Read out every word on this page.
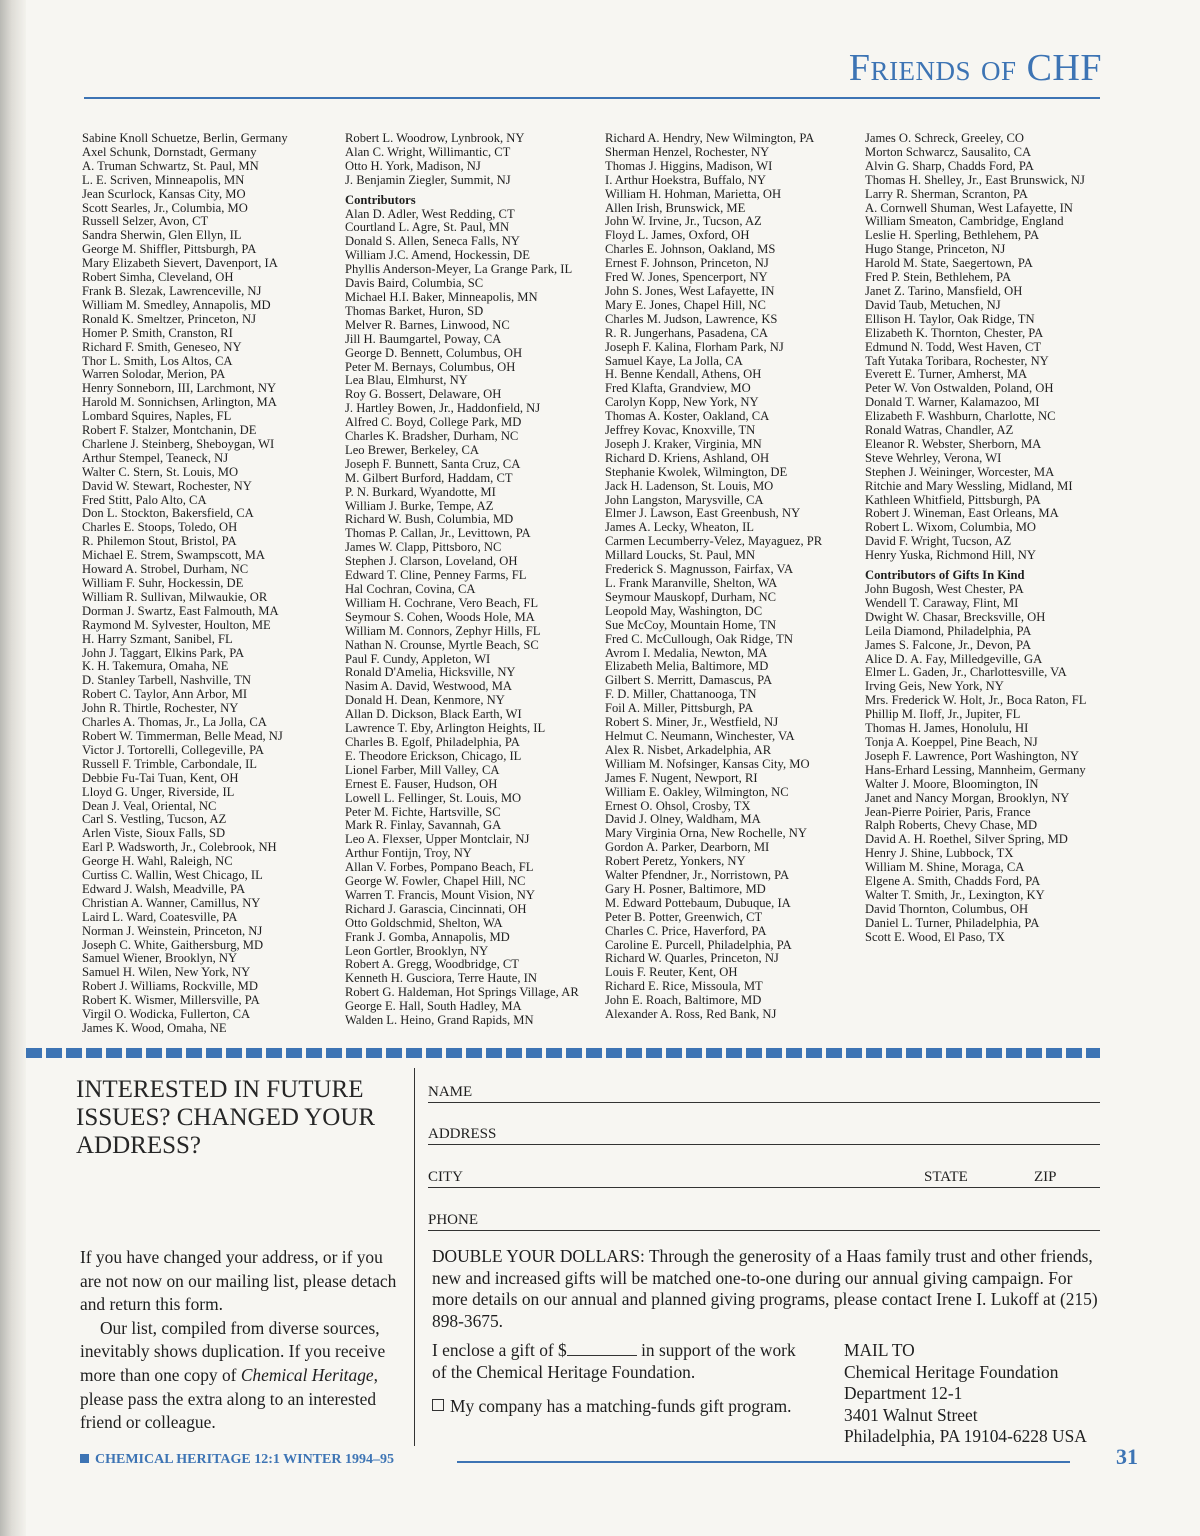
Friends of CHF
Sabine Knoll Schuetze, Berlin, Germany
Axel Schunk, Dornstadt, Germany
A. Truman Schwartz, St. Paul, MN
L. E. Scriven, Minneapolis, MN
Jean Scurlock, Kansas City, MO
Scott Searles, Jr., Columbia, MO
Russell Selzer, Avon, CT
Sandra Sherwin, Glen Ellyn, IL
George M. Shiffler, Pittsburgh, PA
Mary Elizabeth Sievert, Davenport, IA
Robert Simha, Cleveland, OH
Frank B. Slezak, Lawrenceville, NJ
William M. Smedley, Annapolis, MD
Ronald K. Smeltzer, Princeton, NJ
Homer P. Smith, Cranston, RI
Richard F. Smith, Geneseo, NY
Thor L. Smith, Los Altos, CA
Warren Solodar, Merion, PA
Henry Sonneborn, III, Larchmont, NY
Harold M. Sonnichsen, Arlington, MA
Lombard Squires, Naples, FL
Robert F. Stalzer, Montchanin, DE
Charlene J. Steinberg, Sheboygan, WI
Arthur Stempel, Teaneck, NJ
Walter C. Stern, St. Louis, MO
David W. Stewart, Rochester, NY
Fred Stitt, Palo Alto, CA
Don L. Stockton, Bakersfield, CA
Charles E. Stoops, Toledo, OH
R. Philemon Stout, Bristol, PA
Michael E. Strem, Swampscott, MA
Howard A. Strobel, Durham, NC
William F. Suhr, Hockessin, DE
William R. Sullivan, Milwaukie, OR
Dorman J. Swartz, East Falmouth, MA
Raymond M. Sylvester, Houlton, ME
H. Harry Szmant, Sanibel, FL
John J. Taggart, Elkins Park, PA
K. H. Takemura, Omaha, NE
D. Stanley Tarbell, Nashville, TN
Robert C. Taylor, Ann Arbor, MI
John R. Thirtle, Rochester, NY
Charles A. Thomas, Jr., La Jolla, CA
Robert W. Timmerman, Belle Mead, NJ
Victor J. Tortorelli, Collegeville, PA
Russell F. Trimble, Carbondale, IL
Debbie Fu-Tai Tuan, Kent, OH
Lloyd G. Unger, Riverside, IL
Dean J. Veal, Oriental, NC
Carl S. Vestling, Tucson, AZ
Arlen Viste, Sioux Falls, SD
Earl P. Wadsworth, Jr., Colebrook, NH
George H. Wahl, Raleigh, NC
Curtiss C. Wallin, West Chicago, IL
Edward J. Walsh, Meadville, PA
Christian A. Wanner, Camillus, NY
Laird L. Ward, Coatesville, PA
Norman J. Weinstein, Princeton, NJ
Joseph C. White, Gaithersburg, MD
Samuel Wiener, Brooklyn, NY
Samuel H. Wilen, New York, NY
Robert J. Williams, Rockville, MD
Robert K. Wismer, Millersville, PA
Virgil O. Wodicka, Fullerton, CA
James K. Wood, Omaha, NE
Robert L. Woodrow, Lynbrook, NY
Alan C. Wright, Willimantic, CT
Otto H. York, Madison, NJ
J. Benjamin Ziegler, Summit, NJ
Contributors
Alan D. Adler, West Redding, CT
Courtland L. Agre, St. Paul, MN
Donald S. Allen, Seneca Falls, NY
William J.C. Amend, Hockessin, DE
Phyllis Anderson-Meyer, La Grange Park, IL
Davis Baird, Columbia, SC
Michael H.I. Baker, Minneapolis, MN
Thomas Barket, Huron, SD
Melver R. Barnes, Linwood, NC
Jill H. Baumgartel, Poway, CA
George D. Bennett, Columbus, OH
Peter M. Bernays, Columbus, OH
Lea Blau, Elmhurst, NY
Roy G. Bossert, Delaware, OH
J. Hartley Bowen, Jr., Haddonfield, NJ
Alfred C. Boyd, College Park, MD
Charles K. Bradsher, Durham, NC
Leo Brewer, Berkeley, CA
Joseph F. Bunnett, Santa Cruz, CA
M. Gilbert Burford, Haddam, CT
P. N. Burkard, Wyandotte, MI
William J. Burke, Tempe, AZ
Richard W. Bush, Columbia, MD
Thomas P. Callan, Jr., Levittown, PA
James W. Clapp, Pittsboro, NC
Stephen J. Clarson, Loveland, OH
Edward T. Cline, Penney Farms, FL
Hal Cochran, Covina, CA
William H. Cochrane, Vero Beach, FL
Seymour S. Cohen, Woods Hole, MA
William M. Connors, Zephyr Hills, FL
Nathan N. Crounse, Myrtle Beach, SC
Paul F. Cundy, Appleton, WI
Ronald D'Amelia, Hicksville, NY
Nasim A. David, Westwood, MA
Donald H. Dean, Kenmore, NY
Allan D. Dickson, Black Earth, WI
Lawrence T. Eby, Arlington Heights, IL
Charles B. Egolf, Philadelphia, PA
E. Theodore Erickson, Chicago, IL
Lionel Farber, Mill Valley, CA
Ernest E. Fauser, Hudson, OH
Lowell L. Fellinger, St. Louis, MO
Peter M. Fichte, Hartsville, SC
Mark R. Finlay, Savannah, GA
Leo A. Flexser, Upper Montclair, NJ
Arthur Fontijn, Troy, NY
Allan V. Forbes, Pompano Beach, FL
George W. Fowler, Chapel Hill, NC
Warren T. Francis, Mount Vision, NY
Richard J. Garascia, Cincinnati, OH
Otto Goldschmid, Shelton, WA
Frank J. Gomba, Annapolis, MD
Leon Gortler, Brooklyn, NY
Robert A. Gregg, Woodbridge, CT
Kenneth H. Gusciora, Terre Haute, IN
Robert G. Haldeman, Hot Springs Village, AR
George E. Hall, South Hadley, MA
Walden L. Heino, Grand Rapids, MN
Richard A. Hendry, New Wilmington, PA
Sherman Henzel, Rochester, NY
Thomas J. Higgins, Madison, WI
I. Arthur Hoekstra, Buffalo, NY
William H. Hohman, Marietta, OH
Allen Irish, Brunswick, ME
John W. Irvine, Jr., Tucson, AZ
Floyd L. James, Oxford, OH
Charles E. Johnson, Oakland, MS
Ernest F. Johnson, Princeton, NJ
Fred W. Jones, Spencerport, NY
John S. Jones, West Lafayette, IN
Mary E. Jones, Chapel Hill, NC
Charles M. Judson, Lawrence, KS
R. R. Jungerhans, Pasadena, CA
Joseph F. Kalina, Florham Park, NJ
Samuel Kaye, La Jolla, CA
H. Benne Kendall, Athens, OH
Fred Klafta, Grandview, MO
Carolyn Kopp, New York, NY
Thomas A. Koster, Oakland, CA
Jeffrey Kovac, Knoxville, TN
Joseph J. Kraker, Virginia, MN
Richard D. Kriens, Ashland, OH
Stephanie Kwolek, Wilmington, DE
Jack H. Ladenson, St. Louis, MO
John Langston, Marysville, CA
Elmer J. Lawson, East Greenbush, NY
James A. Lecky, Wheaton, IL
Carmen Lecumberry-Velez, Mayaguez, PR
Millard Loucks, St. Paul, MN
Frederick S. Magnusson, Fairfax, VA
L. Frank Maranville, Shelton, WA
Seymour Mauskopf, Durham, NC
Leopold May, Washington, DC
Sue McCoy, Mountain Home, TN
Fred C. McCullough, Oak Ridge, TN
Avrom I. Medalia, Newton, MA
Elizabeth Melia, Baltimore, MD
Gilbert S. Merritt, Damascus, PA
F. D. Miller, Chattanooga, TN
Foil A. Miller, Pittsburgh, PA
Robert S. Miner, Jr., Westfield, NJ
Helmut C. Neumann, Winchester, VA
Alex R. Nisbet, Arkadelphia, AR
William M. Nofsinger, Kansas City, MO
James F. Nugent, Newport, RI
William E. Oakley, Wilmington, NC
Ernest O. Ohsol, Crosby, TX
David J. Olney, Waldham, MA
Mary Virginia Orna, New Rochelle, NY
Gordon A. Parker, Dearborn, MI
Robert Peretz, Yonkers, NY
Walter Pfendner, Jr., Norristown, PA
Gary H. Posner, Baltimore, MD
M. Edward Pottebaum, Dubuque, IA
Peter B. Potter, Greenwich, CT
Charles C. Price, Haverford, PA
Caroline E. Purcell, Philadelphia, PA
Richard W. Quarles, Princeton, NJ
Louis F. Reuter, Kent, OH
Richard E. Rice, Missoula, MT
John E. Roach, Baltimore, MD
Alexander A. Ross, Red Bank, NJ
James O. Schreck, Greeley, CO
Morton Schwarcz, Sausalito, CA
Alvin G. Sharp, Chadds Ford, PA
Thomas H. Shelley, Jr., East Brunswick, NJ
Larry R. Sherman, Scranton, PA
A. Cornwell Shuman, West Lafayette, IN
William Smeaton, Cambridge, England
Leslie H. Sperling, Bethlehem, PA
Hugo Stange, Princeton, NJ
Harold M. State, Saegertown, PA
Fred P. Stein, Bethlehem, PA
Janet Z. Tarino, Mansfield, OH
David Taub, Metuchen, NJ
Ellison H. Taylor, Oak Ridge, TN
Elizabeth K. Thornton, Chester, PA
Edmund N. Todd, West Haven, CT
Taft Yutaka Toribara, Rochester, NY
Everett E. Turner, Amherst, MA
Peter W. Von Ostwalden, Poland, OH
Donald T. Warner, Kalamazoo, MI
Elizabeth F. Washburn, Charlotte, NC
Ronald Watras, Chandler, AZ
Eleanor R. Webster, Sherborn, MA
Steve Wehrley, Verona, WI
Stephen J. Weininger, Worcester, MA
Ritchie and Mary Wessling, Midland, MI
Kathleen Whitfield, Pittsburgh, PA
Robert J. Wineman, East Orleans, MA
Robert L. Wixom, Columbia, MO
David F. Wright, Tucson, AZ
Henry Yuska, Richmond Hill, NY
Contributors of Gifts In Kind
John Bugosh, West Chester, PA
Wendell T. Caraway, Flint, MI
Dwight W. Chasar, Brecksville, OH
Leila Diamond, Philadelphia, PA
James S. Falcone, Jr., Devon, PA
Alice D. A. Fay, Milledgeville, GA
Elmer L. Gaden, Jr., Charlottesville, VA
Irving Geis, New York, NY
Mrs. Frederick W. Holt, Jr., Boca Raton, FL
Phillip M. Iloff, Jr., Jupiter, FL
Thomas H. James, Honolulu, HI
Tonja A. Koeppel, Pine Beach, NJ
Joseph F. Lawrence, Port Washington, NY
Hans-Erhard Lessing, Mannheim, Germany
Walter J. Moore, Bloomington, IN
Janet and Nancy Morgan, Brooklyn, NY
Jean-Pierre Poirier, Paris, France
Ralph Roberts, Chevy Chase, MD
David A. H. Roethel, Silver Spring, MD
Henry J. Shine, Lubbock, TX
William M. Shine, Moraga, CA
Elgene A. Smith, Chadds Ford, PA
Walter T. Smith, Jr., Lexington, KY
David Thornton, Columbus, OH
Daniel L. Turner, Philadelphia, PA
Scott E. Wood, El Paso, TX
INTERESTED IN FUTURE ISSUES? CHANGED YOUR ADDRESS?
NAME
ADDRESS
CITY	STATE	ZIP
PHONE

If you have changed your address, or if you are not now on our mailing list, please detach and return this form.

Our list, compiled from diverse sources, inevitably shows duplication. If you receive more than one copy of Chemical Heritage, please pass the extra along to an interested friend or colleague.

DOUBLE YOUR DOLLARS: Through the generosity of a Haas family trust and other friends, new and increased gifts will be matched one-to-one during our annual giving campaign. For more details on our annual and planned giving programs, please contact Irene I. Lukoff at (215) 898-3675.
I enclose a gift of $	in support of the work of the Chemical Heritage Foundation.
My company has a matching-funds gift program.
MAIL TO
Chemical Heritage Foundation
Department 12-1
3401 Walnut Street
Philadelphia, PA 19104-6228 USA
CHEMICAL HERITAGE 12:1 WINTER 1994–95	31
